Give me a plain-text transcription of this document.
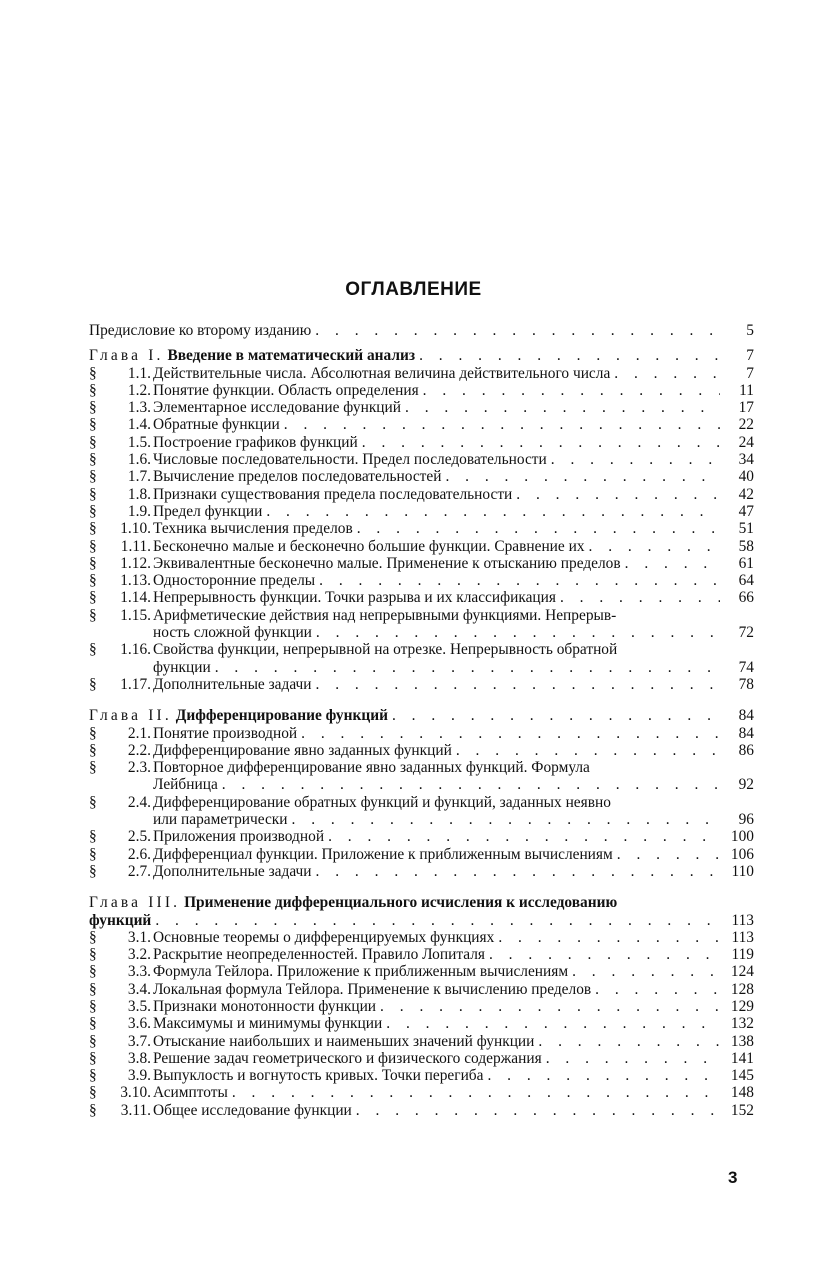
ОГЛАВЛЕНИЕ
Предисловие ко второму изданию . . .	5
Глава I. Введение в математический анализ . . .	7
§	1.1. Действительные числа. Абсолютная величина действительного числа . . .	7
§	1.2. Понятие функции. Область определения . . .	11
§	1.3. Элементарное исследование функций . . .	17
§	1.4. Обратные функции . . .	22
§	1.5. Построение графиков функций . . .	24
§	1.6. Числовые последовательности. Предел последовательности . . .	34
§	1.7. Вычисление пределов последовательностей . . .	40
§	1.8. Признаки существования предела последовательности . . .	42
§	1.9. Предел функции . . .	47
§	1.10. Техника вычисления пределов . . .	51
§	1.11. Бесконечно малые и бесконечно большие функции. Сравнение их . . .	58
§	1.12. Эквивалентные бесконечно малые. Применение к отысканию пределов . . .	61
§	1.13. Односторонние пределы . . .	64
§	1.14. Непрерывность функции. Точки разрыва и их классификация . . .	66
§	1.15. Арифметические действия над непрерывными функциями. Непрерыв-
ность сложной функции . . .	72
§	1.16. Свойства функции, непрерывной на отрезке. Непрерывность обратной
функции . . .	74
§	1.17. Дополнительные задачи . . .	78
Глава II. Дифференцирование функций . . .	84
§	2.1. Понятие производной . . .	84
§	2.2. Дифференцирование явно заданных функций . . .	86
§	2.3. Повторное дифференцирование явно заданных функций. Формула
Лейбница . . .	92
§	2.4. Дифференцирование обратных функций и функций, заданных неявно
или параметрически . . .	96
§	2.5. Приложения производной . . .	100
§	2.6. Дифференциал функции. Приложение к приближенным вычислениям . . .	106
§	2.7. Дополнительные задачи . . .	110
Глава III. Применение дифференциального исчисления к исследованию
функций . . .	113
§	3.1. Основные теоремы о дифференцируемых функциях . . .	113
§	3.2. Раскрытие неопределенностей. Правило Лопиталя . . .	119
§	3.3. Формула Тейлора. Приложение к приближенным вычислениям . . .	124
§	3.4. Локальная формула Тейлора. Применение к вычислению пределов . . .	128
§	3.5. Признаки монотонности функции . . .	129
§	3.6. Максимумы и минимумы функции . . .	132
§	3.7. Отыскание наибольших и наименьших значений функции . . .	138
§	3.8. Решение задач геометрического и физического содержания . . .	141
§	3.9. Выпуклость и вогнутость кривых. Точки перегиба . . .	145
§	3.10. Асимптоты . . .	148
§	3.11. Общее исследование функции . . .	152
3
